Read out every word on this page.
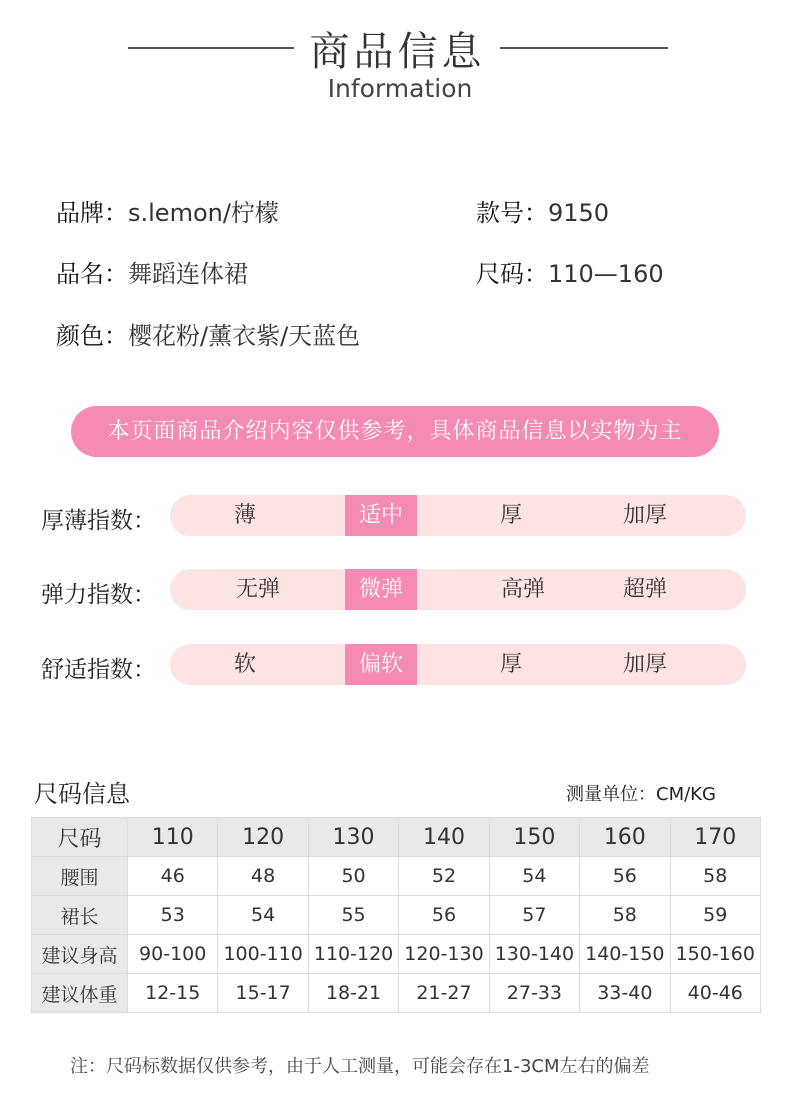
商品信息
Information
品牌：s.lemon/柠檬	款号：9150
品名：舞蹈连体裙	尺码：110—160
颜色：樱花粉/薰衣紫/天蓝色
本页面商品介绍内容仅供参考，具体商品信息以实物为主
厚薄指数：	薄	适中	厚	加厚
弹力指数：	无弹	微弹	高弹	超弹
舒适指数：	软	偏软	厚	加厚
尺码信息	测量单位：CM/KG
尺码	110	120	130	140	150	160	170
腰围	46	48	50	52	54	56	58
裙长	53	54	55	56	57	58	59
建议身高	90-100	100-110	110-120	120-130	130-140	140-150	150-160
建议体重	12-15	15-17	18-21	21-27	27-33	33-40	40-46
注：尺码标数据仅供参考，由于人工测量，可能会存在1-3CM左右的偏差
